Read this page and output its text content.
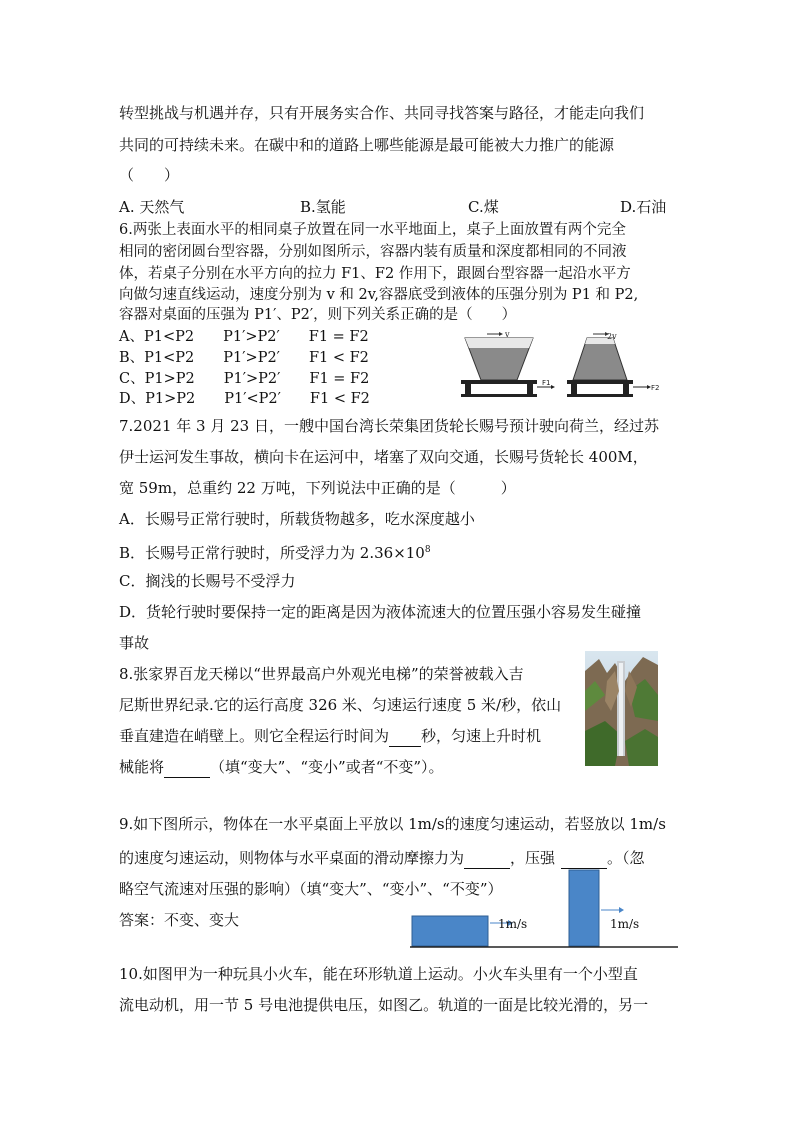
转型挑战与机遇并存，只有开展务实合作、共同寻找答案与路径，才能走向我们
共同的可持续未来。在碳中和的道路上哪些能源是最可能被大力推广的能源
（　　）
A. 天然气	B.氢能	C.煤	D.石油
6.两张上表面水平的相同桌子放置在同一水平地面上，桌子上面放置有两个完全
相同的密闭圆台型容器，分别如图所示，容器内装有质量和深度都相同的不同液
体，若桌子分别在水平方向的拉力 F1、F2 作用下，跟圆台型容器一起沿水平方
向做匀速直线运动，速度分别为 v 和 2v,容器底受到液体的压强分别为 P1 和 P2,
容器对桌面的压强为 P1′、P2′，则下列关系正确的是（　　）
A、P1<P2　　P1′>P2′　　F1 = F2
B、P1<P2　　P1′>P2′　　F1 < F2
C、P1>P2　　P1′>P2′　　F1 = F2
D、P1>P2　　P1′<P2′　　F1 < F2
v
F1
2v
F2
7.2021 年 3 月 23 日，一艘中国台湾长荣集团货轮长赐号预计驶向荷兰，经过苏
伊士运河发生事故，横向卡在运河中，堵塞了双向交通，长赐号货轮长 400M，
宽 59m，总重约 22 万吨，下列说法中正确的是（　　　）
A．长赐号正常行驶时，所载货物越多，吃水深度越小
B．长赐号正常行驶时，所受浮力为 $2.36\times 10^8$
C．搁浅的长赐号不受浮力
D．货轮行驶时要保持一定的距离是因为液体流速大的位置压强小容易发生碰撞
事故
8.张家界百龙天梯以“世界最高户外观光电梯”的荣誉被载入吉
尼斯世界纪录.它的运行高度 326 米、匀速运行速度 5 米/秒，依山
垂直建造在峭壁上。则它全程运行时间为 秒，匀速上升时机
械能将	（填“变大”、“变小”或者“不变”）。
9.如下图所示，物体在一水平桌面上平放以 1m/s的速度匀速运动，若竖放以 1m/s
的速度匀速运动，则物体与水平桌面的滑动摩擦力为	，压强	。（忽
略空气流速对压强的影响）（填“变大”、“变小”、“不变”）
答案：不变、变大	1m/s	1m/s
10.如图甲为一种玩具小火车，能在环形轨道上运动。小火车头里有一个小型直
流电动机，用一节 5 号电池提供电压，如图乙。轨道的一面是比较光滑的，另一
